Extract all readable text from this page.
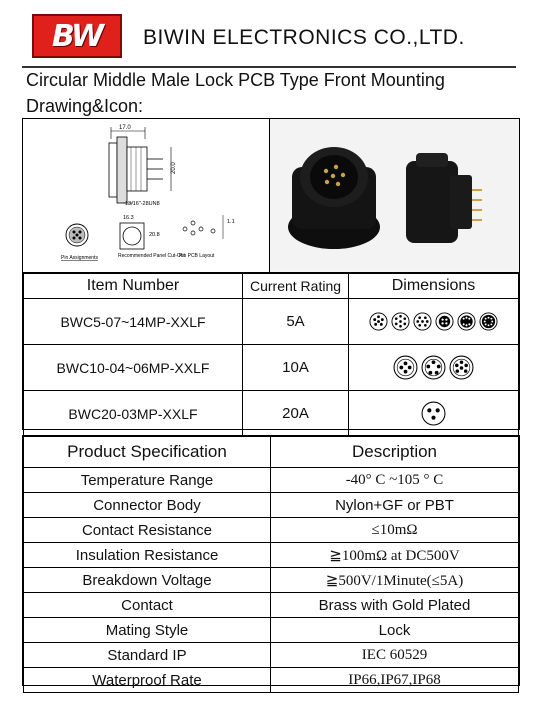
BW BIWIN ELECTRONICS CO.,LTD.
Circular Middle Male Lock PCB Type Front Mounting
Drawing&Icon:
17.0
20.0
13/16"-28UN8
Pin Assignments
16.3
20.8
Recommended Panel Cut-Out
1.1
Pin PCB Layout
Item Number	Current Rating	Dimensions
BWC5-07~14MP-XXLF	5A	

BWC10-04~06MP-XXLF	10A	

BWC20-03MP-XXLF	20A	
Product Specification	Description
Temperature Range	-40° C ~105 ° C
Connector Body	Nylon+GF or PBT
Contact Resistance	≤10mΩ
Insulation Resistance	≧100mΩ at DC500V
Breakdown Voltage	≧500V/1Minute(≤5A)
Contact	Brass with Gold Plated
Mating Style	Lock
Standard IP	IEC 60529
Waterproof Rate	IP66,IP67,IP68
